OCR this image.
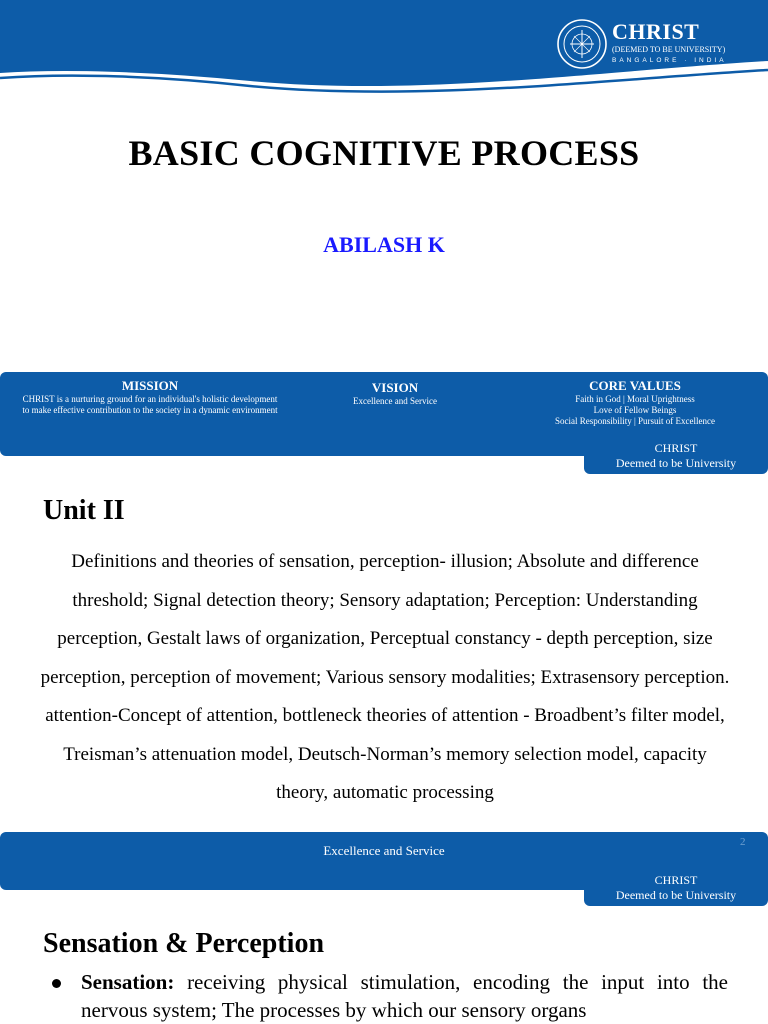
CHRIST
(DEEMED TO BE UNIVERSITY)
BANGALORE · INDIA
BASIC COGNITIVE PROCESS
ABILASH K
MISSION
CHRIST is a nurturing ground for an individual's holistic development to make effective contribution to the society in a dynamic environment
VISION
Excellence and Service
CORE VALUES
Faith in God | Moral Uprightness
Love of Fellow Beings
Social Responsibility | Pursuit of Excellence
CHRIST
Deemed to be University
Unit II
Definitions and theories of sensation, perception- illusion; Absolute and difference threshold; Signal detection theory; Sensory adaptation; Perception: Understanding perception, Gestalt laws of organization, Perceptual constancy - depth perception, size perception, perception of movement; Various sensory modalities; Extrasensory perception. attention-Concept of attention, bottleneck theories of attention - Broadbent’s filter model, Treisman’s attenuation model, Deutsch-Norman’s memory selection model, capacity theory, automatic processing
Excellence and Service
2
CHRIST
Deemed to be University
Sensation & Perception
Sensation: receiving physical stimulation, encoding the input into the nervous system; The processes by which our sensory organs
